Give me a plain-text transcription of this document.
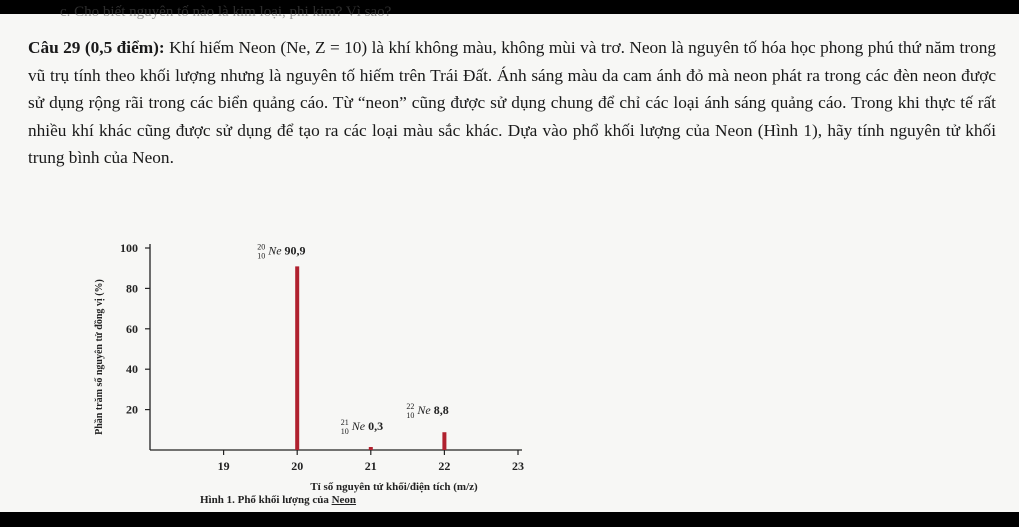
c. Cho biết nguyên tố nào là kim loại, phi kim? Vì sao?

Câu 29 (0,5 điểm): Khí hiếm Neon (Ne, Z = 10) là khí không màu, không mùi và trơ. Neon là nguyên tố hóa học phong phú thứ năm trong vũ trụ tính theo khối lượng nhưng là nguyên tố hiếm trên Trái Đất. Ánh sáng màu da cam ánh đỏ mà neon phát ra trong các đèn neon được sử dụng rộng rãi trong các biển quảng cáo. Từ “neon” cũng được sử dụng chung để chỉ các loại ánh sáng quảng cáo. Trong khi thực tế rất nhiều khí khác cũng được sử dụng để tạo ra các loại màu sắc khác. Dựa vào phổ khối lượng của Neon (Hình 1), hãy tính nguyên tử khối trung bình của Neon.

20
40
60
80
100
19	20	21	22	23
Tỉ số nguyên tử khối/điện tích (m/z)
Phần trăm số nguyên tử đồng vị (%)
$^{20}$ 10 Ne 90,9
$^{21}$ 10 Ne 0,3
$^{22}$ 10 Ne 8,8
Hình 1. Phổ khối lượng của Neon
